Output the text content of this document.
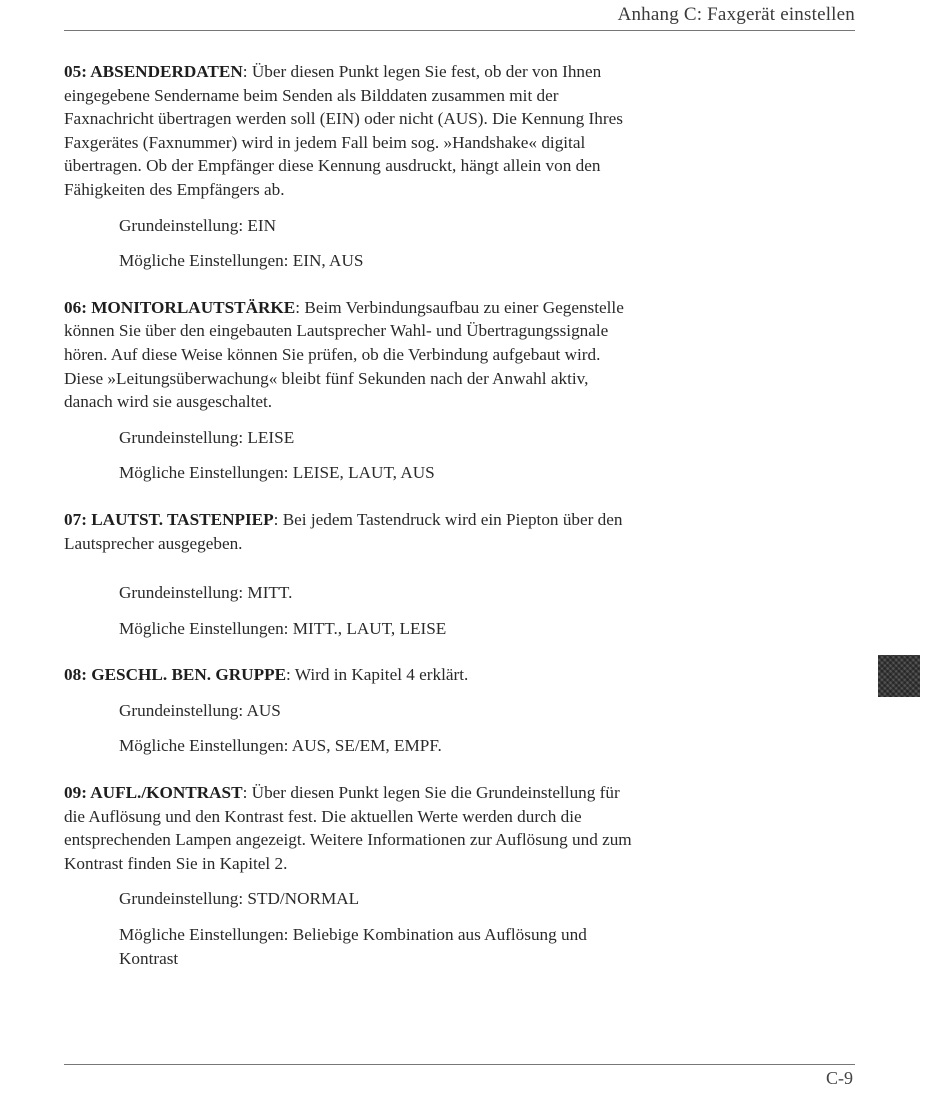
Anhang C: Faxgerät einstellen

05: ABSENDERDATEN: Über diesen Punkt legen Sie fest, ob der von Ihnen eingegebene Sendername beim Senden als Bilddaten zusammen mit der Faxnachricht übertragen werden soll (EIN) oder nicht (AUS). Die Kennung Ihres Faxgerätes (Faxnummer) wird in jedem Fall beim sog. »Handshake« digital übertragen. Ob der Empfänger diese Kennung ausdruckt, hängt allein von den Fähigkeiten des Empfängers ab.

Grundeinstellung: EIN

Mögliche Einstellungen: EIN, AUS

06: MONITORLAUTSTÄRKE: Beim Verbindungsaufbau zu einer Gegenstelle können Sie über den eingebauten Lautsprecher Wahl- und Übertragungssignale hören. Auf diese Weise können Sie prüfen, ob die Verbindung aufgebaut wird. Diese »Leitungsüberwachung« bleibt fünf Sekunden nach der Anwahl aktiv, danach wird sie ausgeschaltet.

Grundeinstellung: LEISE

Mögliche Einstellungen: LEISE, LAUT, AUS

07: LAUTST. TASTENPIEP: Bei jedem Tastendruck wird ein Piepton über den Lautsprecher ausgegeben.

Grundeinstellung: MITT.

Mögliche Einstellungen: MITT., LAUT, LEISE

08: GESCHL. BEN. GRUPPE: Wird in Kapitel 4 erklärt.

Grundeinstellung: AUS

Mögliche Einstellungen: AUS, SE/EM, EMPF.

09: AUFL./KONTRAST: Über diesen Punkt legen Sie die Grundeinstellung für die Auflösung und den Kontrast fest. Die aktuellen Werte werden durch die entsprechenden Lampen angezeigt. Weitere Informationen zur Auflösung und zum Kontrast finden Sie in Kapitel 2.

Grundeinstellung: STD/NORMAL

Mögliche Einstellungen: Beliebige Kombination aus Auflösung und Kontrast

C-9
